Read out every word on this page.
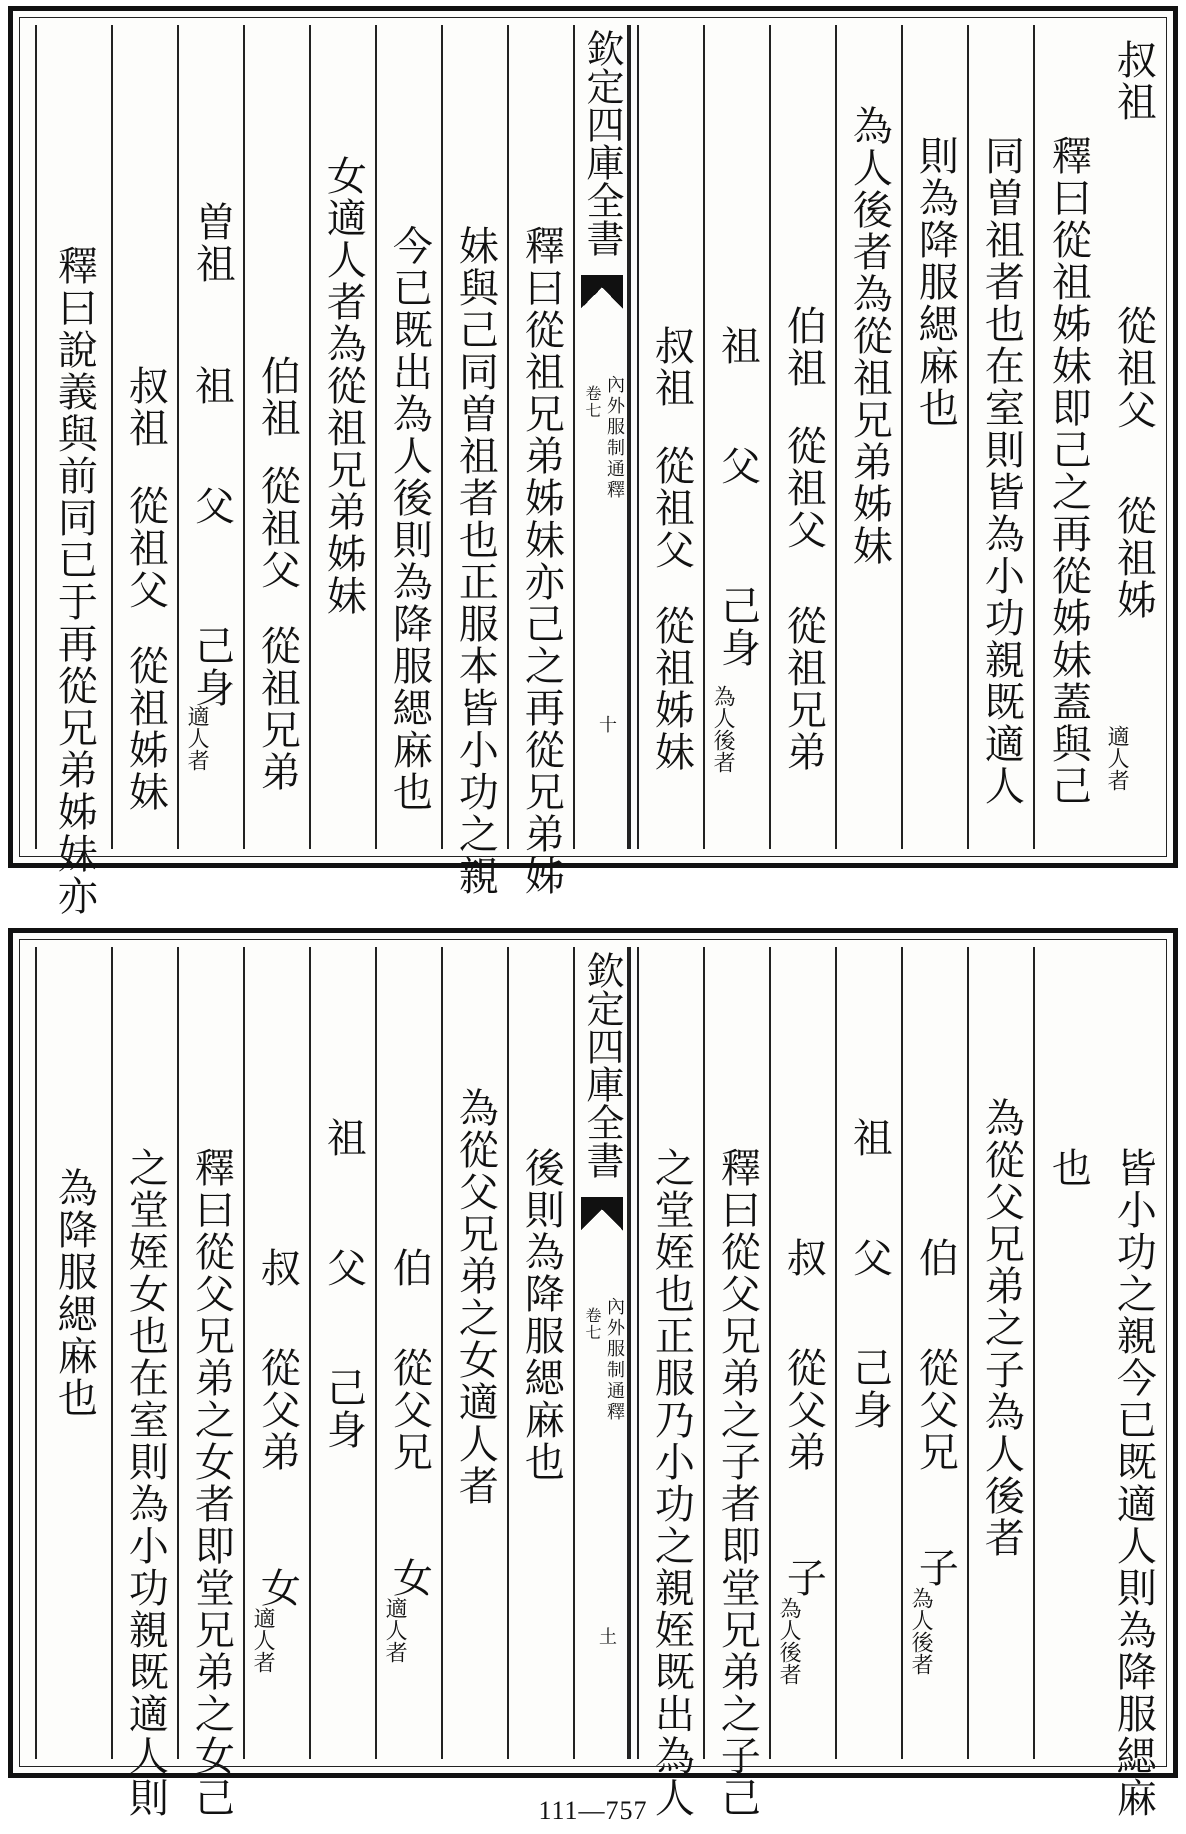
叔祖
從祖父
從祖姊
適人者
釋曰從祖姊妹即己之再從姊妹蓋與己
同曽祖者也在室則皆為小功親既適人
則為降服緦麻也
為人後者為從祖兄弟姊妹
伯祖
從祖父
從祖兄弟
祖
父
己身
為人後者
叔祖
從祖父
從祖姊妹
欽定四庫全書
卷七 內外服制通釋
十
釋曰從祖兄弟姊妹亦己之再從兄弟姊
妹與己同曽祖者也正服本皆小功之親
今已既出為人後則為降服緦麻也
女適人者為從祖兄弟姊妹
伯祖
從祖父
從祖兄弟
祖
父
己身
適人者
叔祖
從祖父
從祖姊妹
釋曰說義與前同已于再從兄弟姊妹亦
曽祖
皆小功之親今已既適人則為降服緦麻
也
為從父兄弟之子為人後者
伯
從父兄
子
為人後者
祖
父
己身
叔
從父弟
子
為人後者
釋曰從父兄弟之子者即堂兄弟之子己
之堂姪也正服乃小功之親姪既出為人
欽定四庫全書
卷七 內外服制通釋
土
後則為降服緦麻也
為從父兄弟之女適人者
伯
從父兄
女
適人者
祖
父
己身
叔
從父弟
女
適人者
釋曰從父兄弟之女者即堂兄弟之女己
之堂姪女也在室則為小功親既適人則
為降服緦麻也
111—757
